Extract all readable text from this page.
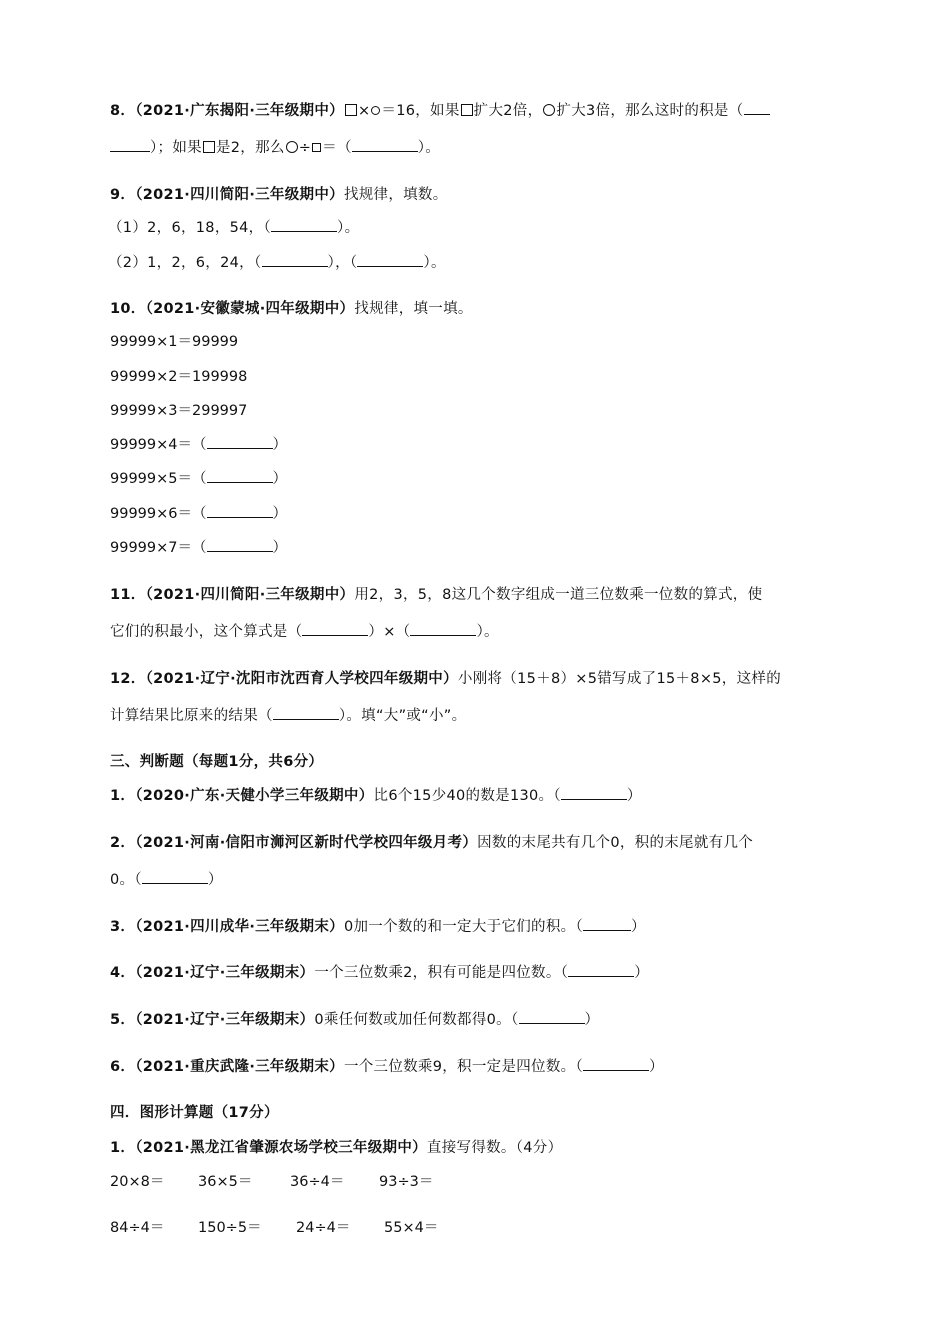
8．（2021·广东揭阳·三年级期中） × ＝16，如果 扩大2倍， 扩大3倍，那么这时的积是（
）；如果 是2，那么 ÷ ＝（	）。
9．（2021·四川简阳·三年级期中）找规律，填数。
（1）2，6，18，54，（	）。
（2）1，2，6，24，（	），（	）。
10．（2021·安徽蒙城·四年级期中）找规律，填一填。
99999×1＝99999
99999×2＝199998
99999×3＝299997
99999×4＝（	）
99999×5＝（	）
99999×6＝（	）
99999×7＝（	）
11．（2021·四川简阳·三年级期中）用2，3，5，8这几个数字组成一道三位数乘一位数的算式，使
它们的积最小，这个算式是（	）×（	）。
12．（2021·辽宁·沈阳市沈西育人学校四年级期中）小刚将（15＋8）×5错写成了15＋8×5，这样的
计算结果比原来的结果（	）。填“大”或“小”。
三、判断题（每题1分，共6分）
1．（2020·广东·天健小学三年级期中）比6个15少40的数是130。（	）
2．（2021·河南·信阳市浉河区新时代学校四年级月考）因数的末尾共有几个0，积的末尾就有几个
0。（	）
3．（2021·四川成华·三年级期末）0加一个数的和一定大于它们的积。（	）
4．（2021·辽宁·三年级期末）一个三位数乘2，积有可能是四位数。（	）
5．（2021·辽宁·三年级期末）0乘任何数或加任何数都得0。（	）
6．（2021·重庆武隆·三年级期末）一个三位数乘9，积一定是四位数。（	）
四．图形计算题（17分）
1．（2021·黑龙江省肇源农场学校三年级期中）直接写得数。（4分）
20×8＝ 36×5＝	36÷4＝ 93÷3＝
84÷4＝ 150÷5＝ 24÷4＝ 55×4＝
